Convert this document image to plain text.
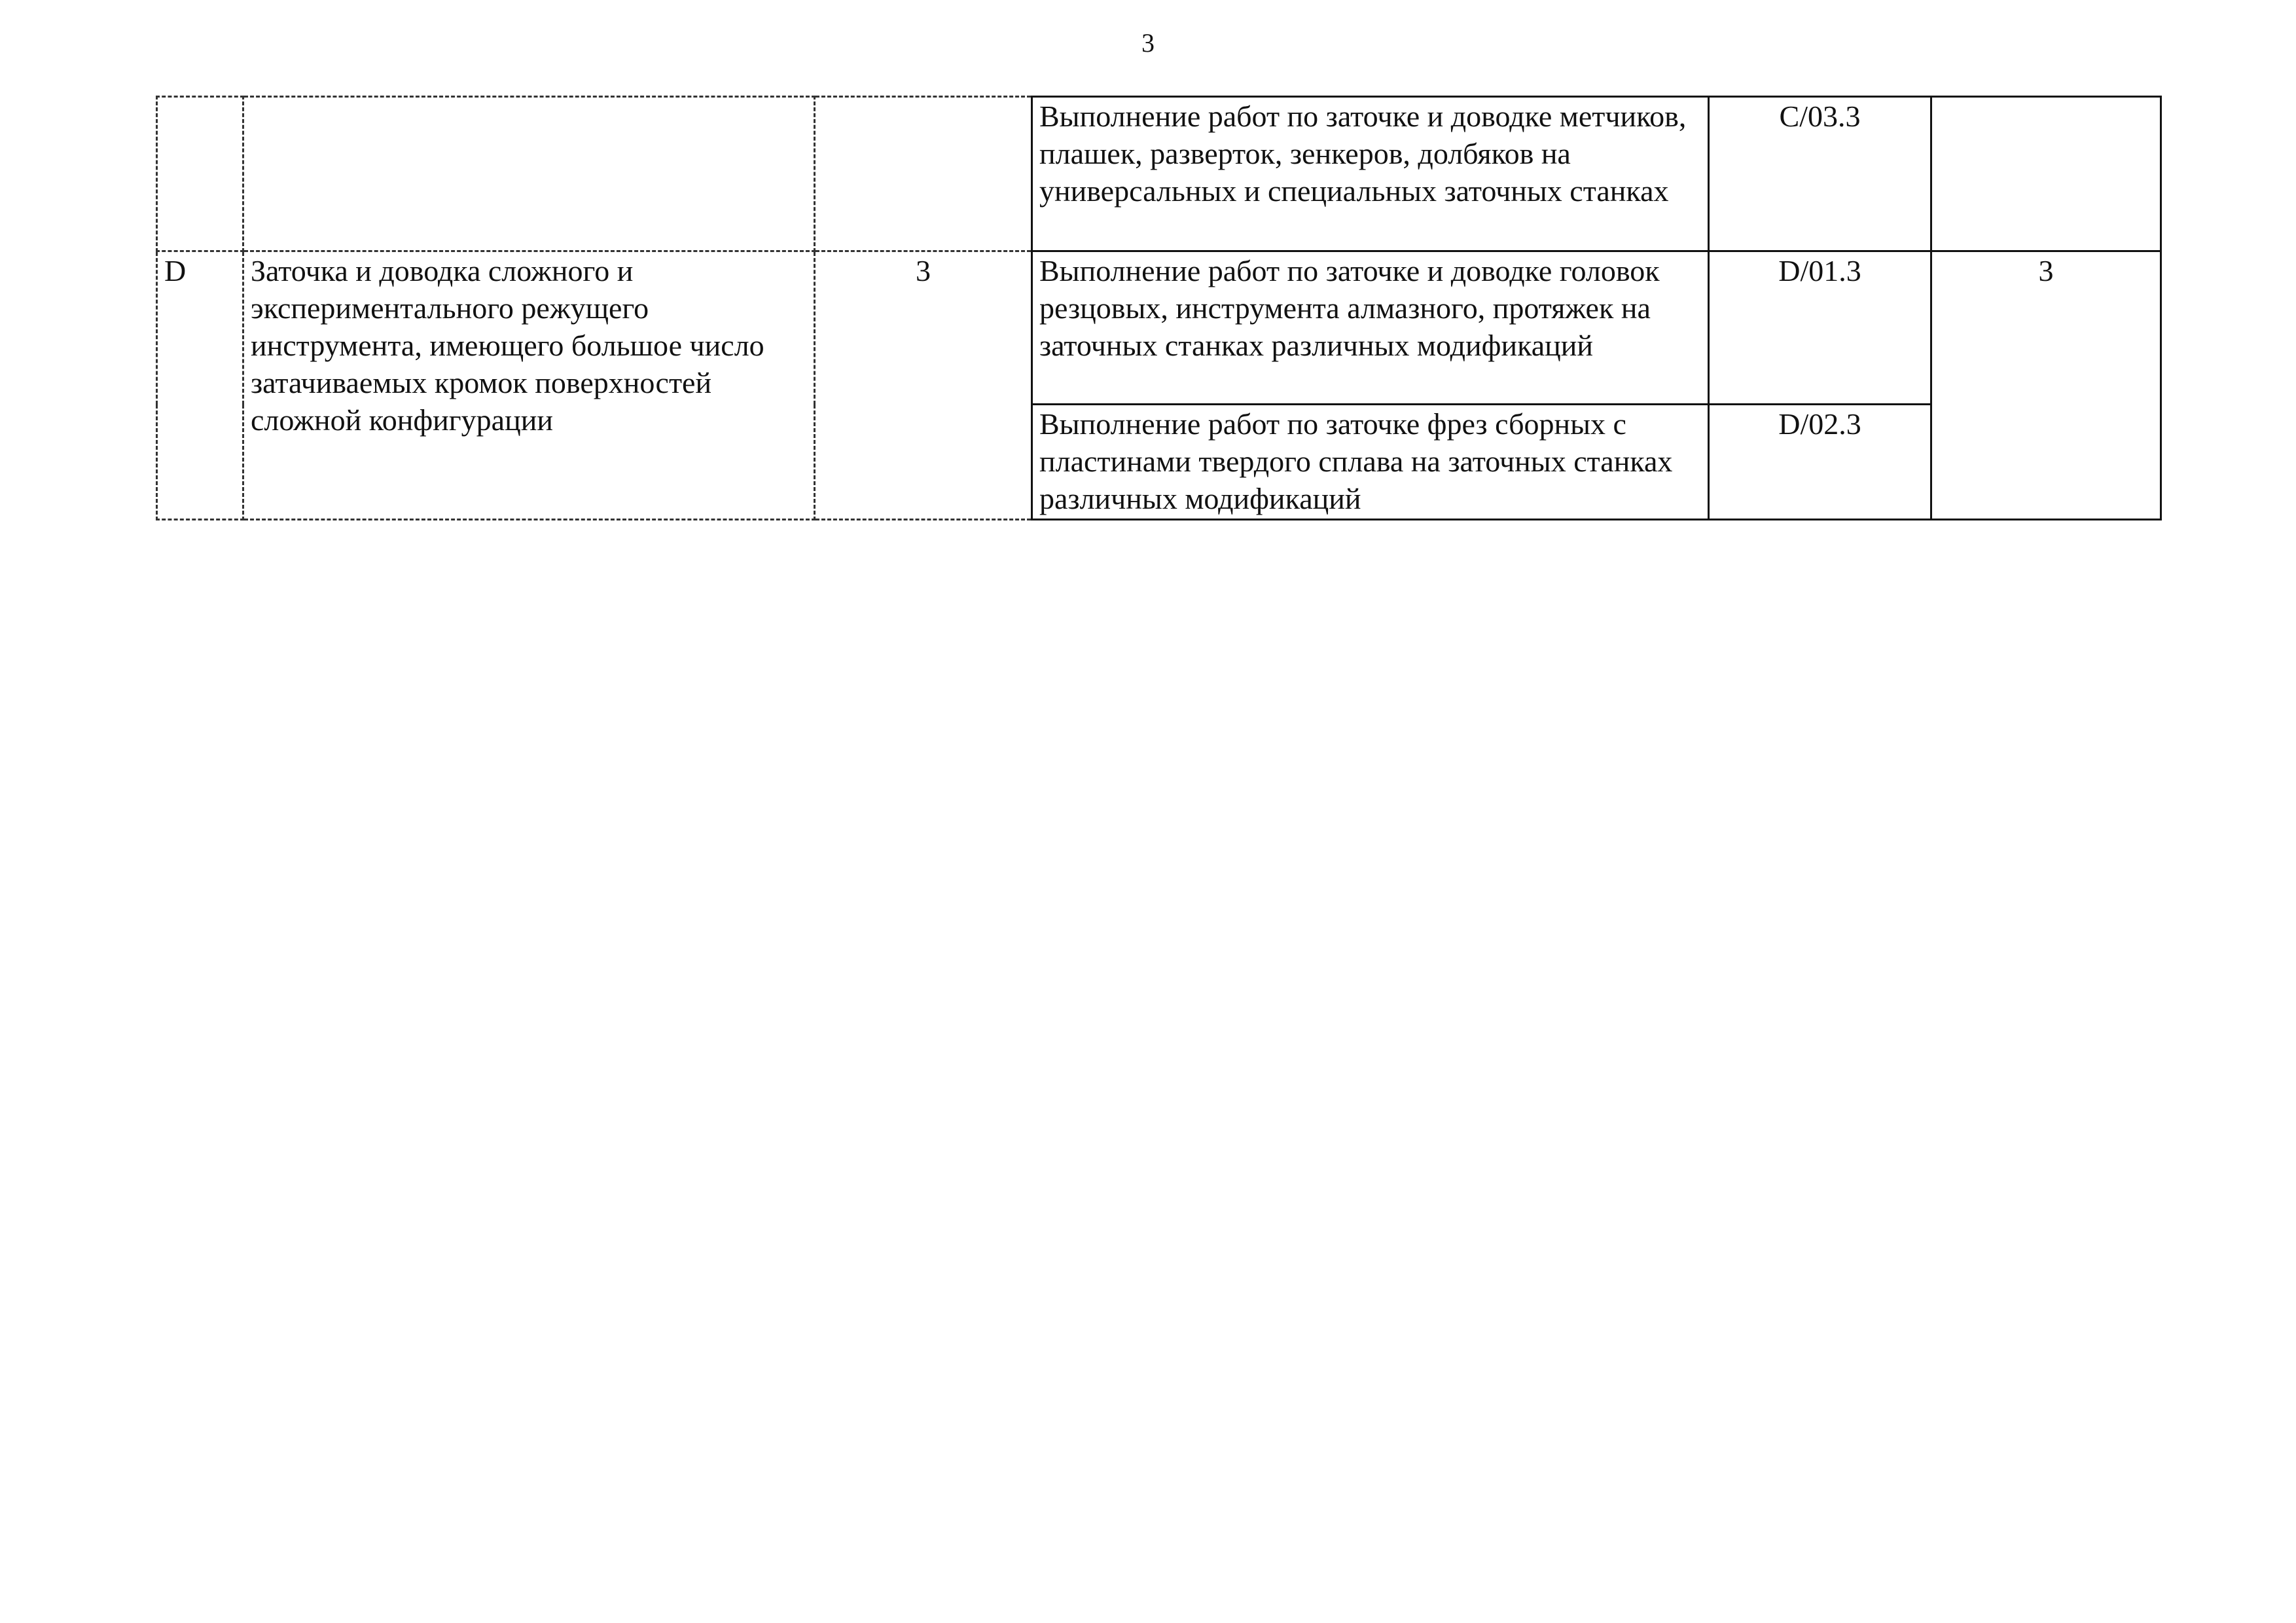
3
			Выполнение работ по заточке и доводке метчиков, плашек, разверток, зенкеров, долбяков на универсальных и специальных заточных станках	C/03.3	
D	Заточка и доводка сложного и экспериментального режущего инструмента, имеющего большое число затачиваемых кромок поверхностей сложной конфигурации	3	Выполнение работ по заточке и доводке головок резцовых, инструмента алмазного, протяжек на заточных станках различных модификаций	D/01.3	3
			Выполнение работ по заточке фрез сборных с пластинами твердого сплава на заточных станках различных модификаций	D/02.3	
